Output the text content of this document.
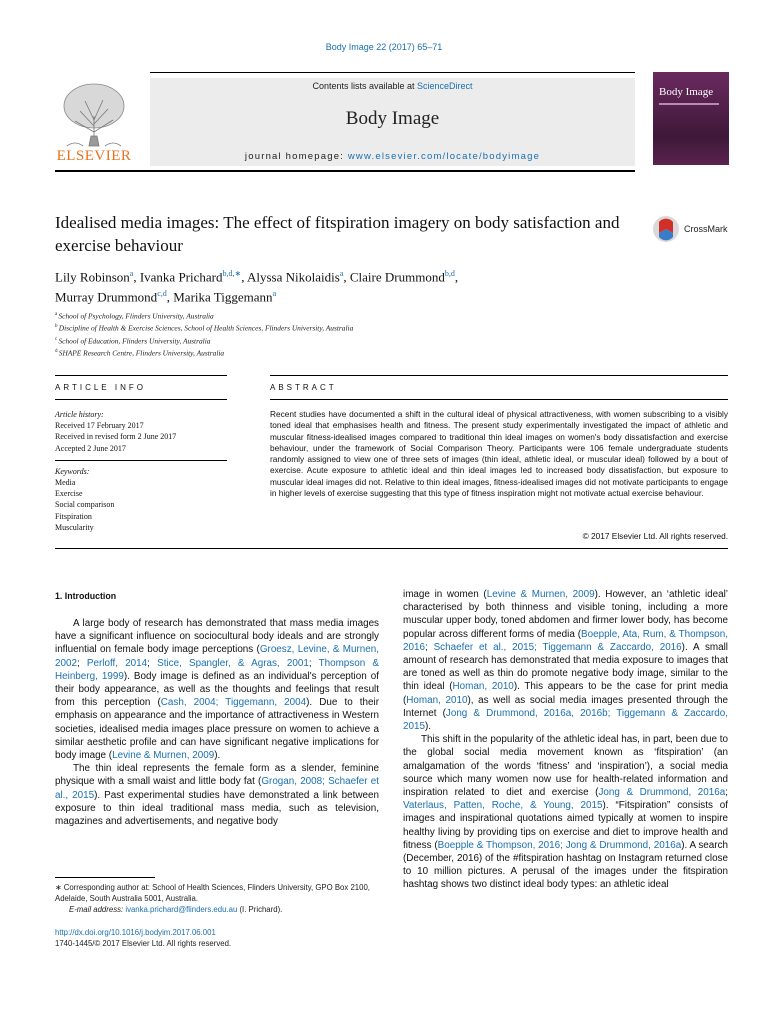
Body Image 22 (2017) 65–71
Contents lists available at ScienceDirect
Body Image
journal homepage: www.elsevier.com/locate/bodyimage
ELSEVIER
Body Image
Idealised media images: The effect of fitspiration imagery on body satisfaction and exercise behaviour
CrossMark
Lily Robinson$^a$, Ivanka Prichard$^{b,d,∗}$, Alyssa Nikolaidis$^a$, Claire Drummond$^{b,d}$,
Murray Drummond$^{c,d}$, Marika Tiggemann$^a$
$^a$ School of Psychology, Flinders University, Australia
$^b$ Discipline of Health & Exercise Sciences, School of Health Sciences, Flinders University, Australia
$^c$ School of Education, Flinders University, Australia
$^d$ SHAPE Research Centre, Flinders University, Australia
ARTICLE INFO	ABSTRACT
Article history:
Received 17 February 2017
Received in revised form 2 June 2017
Accepted 2 June 2017
Keywords:
Media
Exercise
Social comparison
Fitspiration
Muscularity
Recent studies have documented a shift in the cultural ideal of physical attractiveness, with women subscribing to a visibly toned ideal that emphasises health and fitness. The present study experimentally investigated the impact of athletic and muscular fitness-idealised images compared to traditional thin ideal images on women's body dissatisfaction and exercise behaviour, under the framework of Social Comparison Theory. Participants were 106 female undergraduate students randomly assigned to view one of three sets of images (thin ideal, athletic ideal, or muscular ideal) followed by a bout of exercise. Acute exposure to athletic ideal and thin ideal images led to increased body dissatisfaction, but exposure to muscular ideal images did not. Relative to thin ideal images, fitness-idealised images did not motivate participants to engage in higher levels of exercise suggesting that this type of fitness inspiration might not motivate actual exercise behaviour.
© 2017 Elsevier Ltd. All rights reserved.
1. Introduction

A large body of research has demonstrated that mass media images have a significant influence on sociocultural body ideals and are strongly influential on female body image perceptions (Groesz, Levine, & Murnen, 2002; Perloff, 2014; Stice, Spangler, & Agras, 2001; Thompson & Heinberg, 1999). Body image is defined as an individual's perception of their body appearance, as well as the thoughts and feelings that result from this perception (Cash, 2004; Tiggemann, 2004). Due to their emphasis on appearance and the importance of attractiveness in Western societies, idealised media images place pressure on women to achieve a similar aesthetic profile and can have significant negative implications for body image (Levine & Murnen, 2009).

The thin ideal represents the female form as a slender, feminine physique with a small waist and little body fat (Grogan, 2008; Schaefer et al., 2015). Past experimental studies have demonstrated a link between exposure to thin ideal traditional mass media, such as television, magazines and advertisements, and negative body

image in women (Levine & Murnen, 2009). However, an ‘athletic ideal’ characterised by both thinness and visible toning, including a more muscular upper body, toned abdomen and firmer lower body, has become popular across different forms of media (Boepple, Ata, Rum, & Thompson, 2016; Schaefer et al., 2015; Tiggemann & Zaccardo, 2016). A small amount of research has demonstrated that media exposure to images that are toned as well as thin do promote negative body image, similar to the thin ideal (Homan, 2010). This appears to be the case for print media (Homan, 2010), as well as social media images presented through the Internet (Jong & Drummond, 2016a, 2016b; Tiggemann & Zaccardo, 2015).

This shift in the popularity of the athletic ideal has, in part, been due to the global social media movement known as ‘fitspiration’ (an amalgamation of the words ‘fitness’ and ‘inspiration’), a social media source which many women now use for health-related information and inspiration related to diet and exercise (Jong & Drummond, 2016a; Vaterlaus, Patten, Roche, & Young, 2015). “Fitspiration” consists of images and inspirational quotations aimed typically at women to inspire healthy living by providing tips on exercise and diet to improve health and fitness (Boepple & Thompson, 2016; Jong & Drummond, 2016a). A search (December, 2016) of the #fitspiration hashtag on Instagram returned close to 10 million pictures. A perusal of the images under the fitspiration hashtag shows two distinct ideal body types: an athletic ideal

∗ Corresponding author at: School of Health Sciences, Flinders University, GPO Box 2100, Adelaide, South Australia 5001, Australia.
E-mail address: ivanka.prichard@flinders.edu.au (I. Prichard).
http://dx.doi.org/10.1016/j.bodyim.2017.06.001
1740-1445/© 2017 Elsevier Ltd. All rights reserved.
